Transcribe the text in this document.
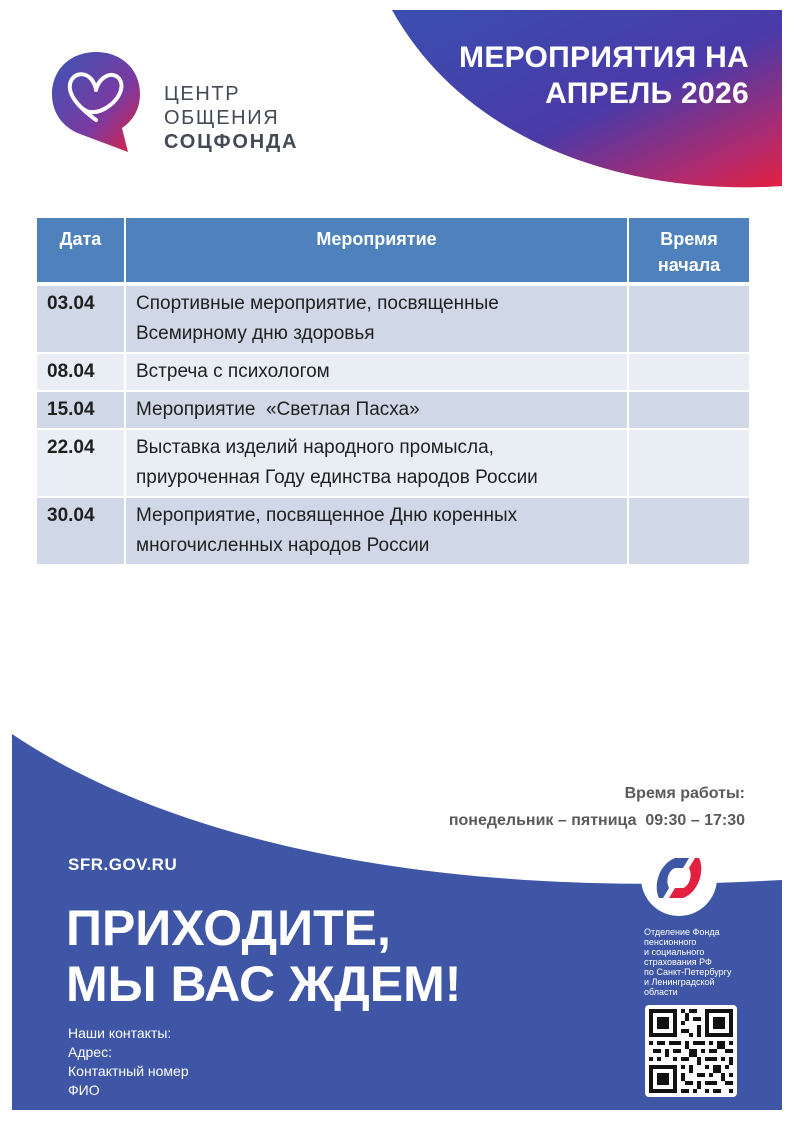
МЕРОПРИЯТИЯ НА
АПРЕЛЬ 2026
ЦЕНТР
ОБЩЕНИЯ
СОЦФОНДА
Дата	Мероприятие	Время
начала

03.04	Спортивные мероприятие, посвященные
Всемирному дню здоровья	

08.04	Встреча с психологом	

15.04	Мероприятие  «Светлая Пасха»	

22.04	Выставка изделий народного промысла,
приуроченная Году единства народов России	

30.04	Мероприятие, посвященное Дню коренных
многочисленных народов России	

Время работы:
понедельник – пятница  09:30 – 17:30
SFR.GOV.RU
ПРИХОДИТЕ,
МЫ ВАС ЖДЕМ!
Наши контакты:
Адрес:
Контактный номер
ФИО
Отделение Фонда
пенсионного
и социального
страхования РФ
по Санкт-Петербургу
и Ленинградской
области
